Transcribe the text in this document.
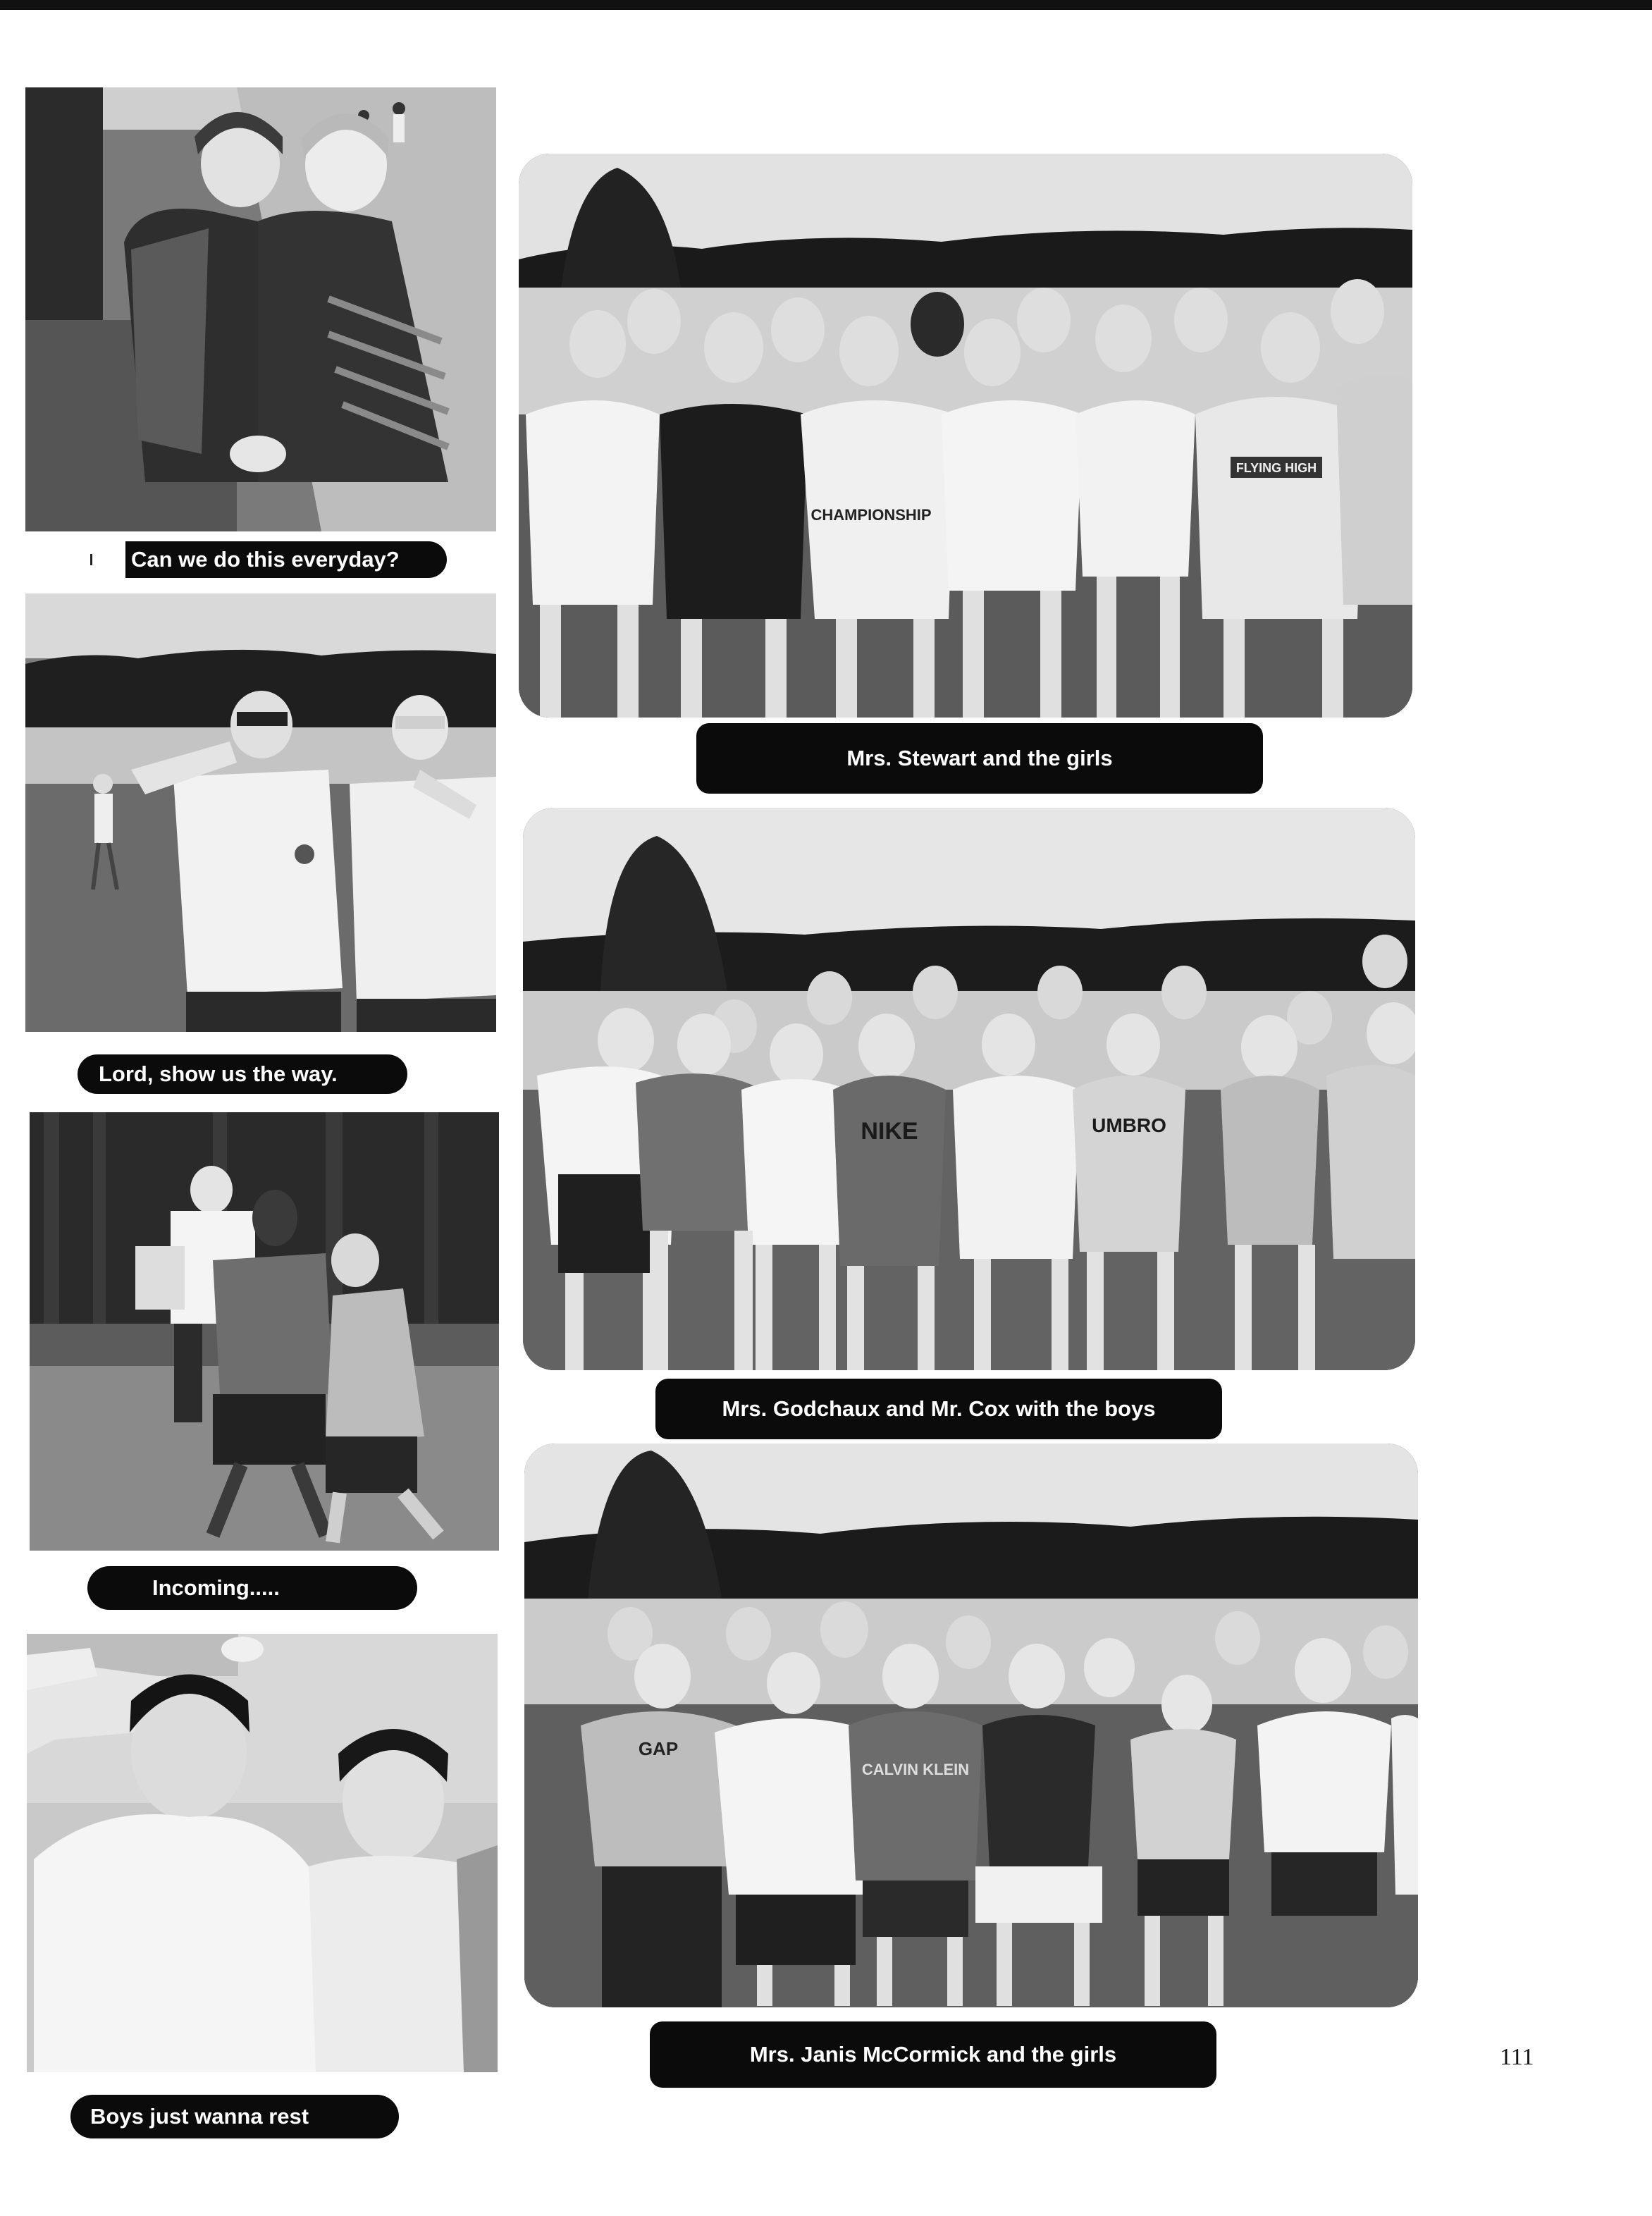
Can we do this everyday?
Lord, show us the way.
Incoming.....
Boys just wanna rest
CHAMPIONSHIP
FLYING HIGH
Mrs. Stewart and the girls
NIKE	UMBRO
Mrs. Godchaux and Mr. Cox with the boys
GAP
CALVIN KLEIN
Mrs. Janis McCormick and the girls	111
